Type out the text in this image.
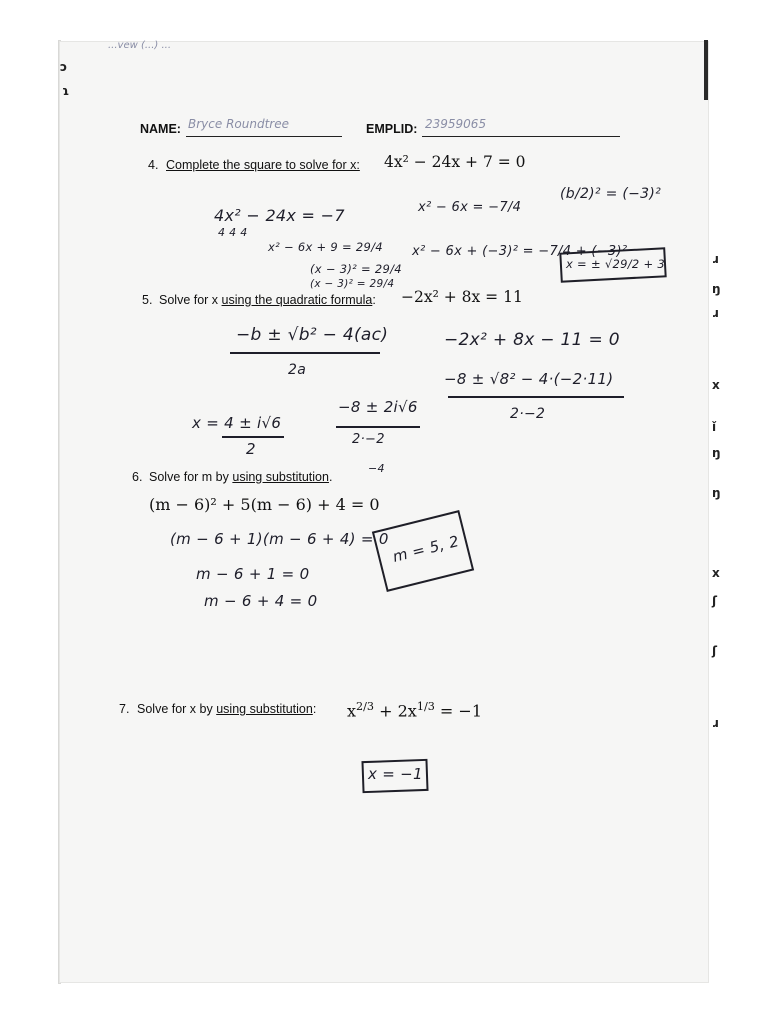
...vew (...) ...
ↄ
ɿ
ɹ
ŋ
ɹ
x
ǐ
ŋ
ŋ
x
ʃ
ʃ
ɹ
NAME: Bryce Roundtree	EMPLID: 23959065
4. Complete the square to solve for x: 4x² − 24x + 7 = 0
4x² − 24x = −7
4 4 4
x² − 6x + 9 = 29/4
(x − 3)² = 29/4
(x − 3)² = 29/4
x² − 6x = −7/4
x² − 6x + (−3)² = −7/4 + (−3)²
(b/2)² = (−3)²
x = ± √29/2 + 3
5. Solve for x using the quadratic formula: −2x² + 8x = 11
−b ± √b² − 4(ac)
2a
−2x² + 8x − 11 = 0
−8 ± √8² − 4·(−2·11)
2·−2
−8 ± 2i√6
2·−2
−4
x = 4 ± i√6
2
6. Solve for m by using substitution.
(m − 6)² + 5(m − 6) + 4 = 0
(m − 6 + 1)(m − 6 + 4) = 0
m − 6 + 1 = 0
m − 6 + 4 = 0
m = 5, 2
7. Solve for x by using substitution: $x^{2/3} + 2x^{1/3} = -1$
x = −1
